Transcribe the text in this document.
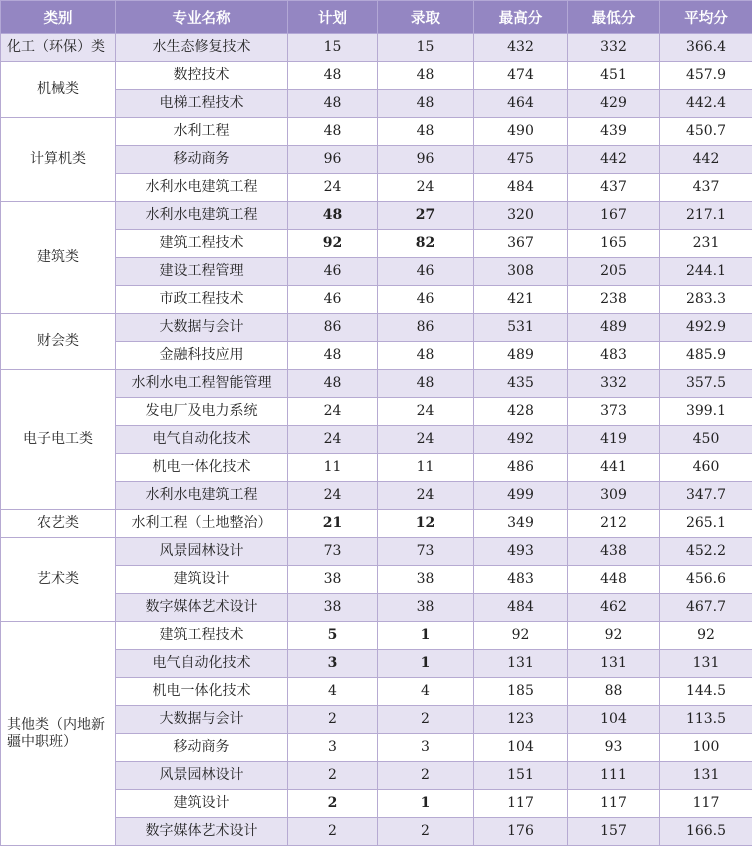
类别	专业名称	计划	录取	最高分	最低分	平均分

化工（环保）类	水生态修复技术	15	15	432	332	366.4

机械类	数控技术	48	48	474	451	457.9
	电梯工程技术	48	48	464	429	442.4

计算机类	水利工程	48	48	490	439	450.7
	移动商务	96	96	475	442	442
	水利水电建筑工程	24	24	484	437	437

建筑类	水利水电建筑工程	48	27	320	167	217.1
	建筑工程技术	92	82	367	165	231
	建设工程管理	46	46	308	205	244.1
	市政工程技术	46	46	421	238	283.3

财会类	大数据与会计	86	86	531	489	492.9
	金融科技应用	48	48	489	483	485.9

电子电工类	水利水电工程智能管理	48	48	435	332	357.5
	发电厂及电力系统	24	24	428	373	399.1
	电气自动化技术	24	24	492	419	450
	机电一体化技术	11	11	486	441	460
	水利水电建筑工程	24	24	499	309	347.7

农艺类	水利工程（土地整治）	21	12	349	212	265.1

艺术类	风景园林设计	73	73	493	438	452.2
	建筑设计	38	38	483	448	456.6
	数字媒体艺术设计	38	38	484	462	467.7

其他类（内地新疆中职班）	建筑工程技术	5	1	92	92	92
	电气自动化技术	3	1	131	131	131
	机电一体化技术	4	4	185	88	144.5
	大数据与会计	2	2	123	104	113.5
	移动商务	3	3	104	93	100
	风景园林设计	2	2	151	111	131
	建筑设计	2	1	117	117	117
	数字媒体艺术设计	2	2	176	157	166.5
